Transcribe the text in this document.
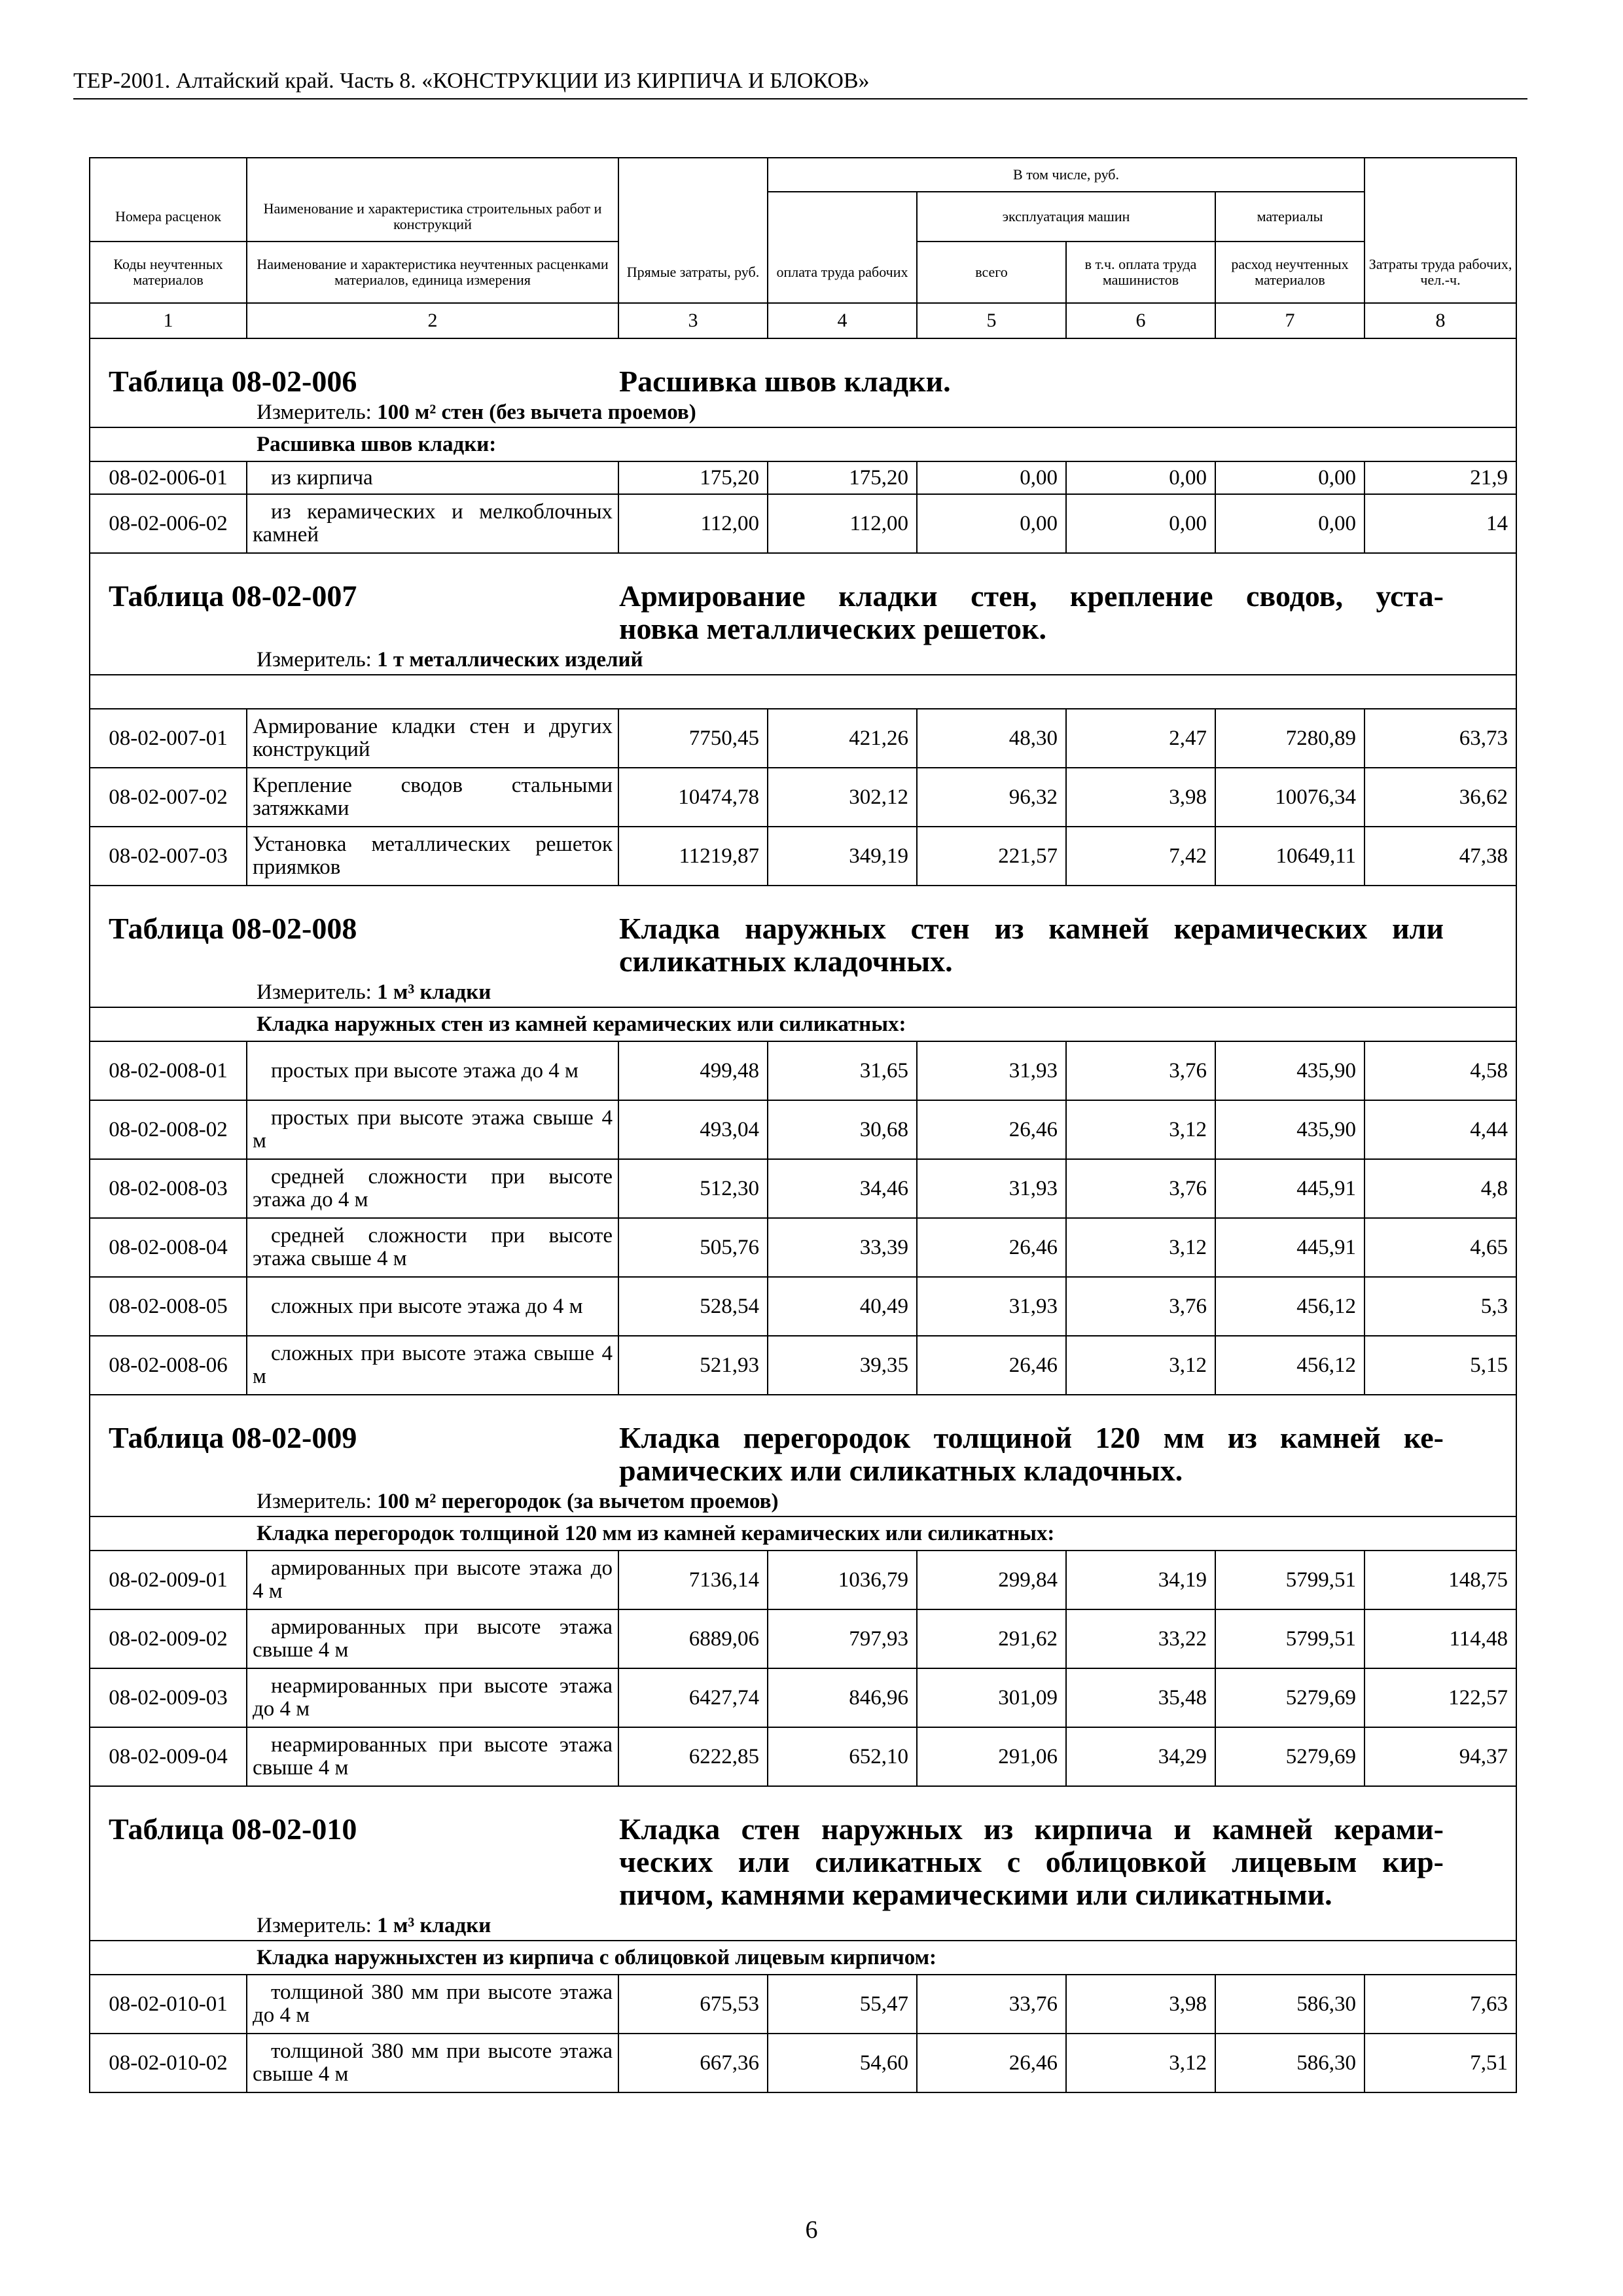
ТЕР-2001. Алтайский край. Часть 8. «КОНСТРУКЦИИ ИЗ КИРПИЧА И БЛОКОВ»
			В том числе, руб.				
Номера расценок	Наименование и характеристика строительных работ и конструкций			эксплуатация машин		материалы	
Коды неучтенных материалов	Наименование и характеристика неучтенных расценками материалов, единица измерения	Прямые затраты, руб.	оплата труда рабочих	всего	в т.ч. оплата труда машинистов	расход неучтенных материалов	Затраты труда рабочих, чел.-ч.
1	2	3	4	5	6	7	8

Таблица 08-02-006 Расшивка швов кладки.
Измеритель: 100 м² стен (без вычета проемов)							

Расшивка швов кладки:							
08-02-006-01	из кирпича	175,20	175,20	0,00	0,00	0,00	21,9
08-02-006-02	из керамических и мелкоблочных камней	112,00	112,00	0,00	0,00	0,00	14

Таблица 08-02-007 Армирование кладки стен, крепление сводов, уста-
новка металлических решеток.
Измеритель: 1 т металлических изделий							

08-02-007-01	Армирование кладки стен и других конструкций	7750,45	421,26	48,30	2,47	7280,89	63,73
08-02-007-02	Крепление сводов стальными затяжками	10474,78	302,12	96,32	3,98	10076,34	36,62
08-02-007-03	Установка металлических решеток приямков	11219,87	349,19	221,57	7,42	10649,11	47,38

Таблица 08-02-008 Кладка наружных стен из камней керамических или
силикатных кладочных.
Измеритель: 1 м³ кладки							

Кладка наружных стен из камней керамических или силикатных:							
08-02-008-01	простых при высоте этажа до 4 м	499,48	31,65	31,93	3,76	435,90	4,58
08-02-008-02	простых при высоте этажа свыше 4 м	493,04	30,68	26,46	3,12	435,90	4,44
08-02-008-03	средней сложности при высоте этажа до 4 м	512,30	34,46	31,93	3,76	445,91	4,8
08-02-008-04	средней сложности при высоте этажа свыше 4 м	505,76	33,39	26,46	3,12	445,91	4,65
08-02-008-05	сложных при высоте этажа до 4 м	528,54	40,49	31,93	3,76	456,12	5,3
08-02-008-06	сложных при высоте этажа свыше 4 м	521,93	39,35	26,46	3,12	456,12	5,15

Таблица 08-02-009 Кладка перегородок толщиной 120 мм из камней ке-
рамических или силикатных кладочных.
Измеритель: 100 м² перегородок (за вычетом проемов)							

Кладка перегородок толщиной 120 мм из камней керамических или силикатных:							
08-02-009-01	армированных при высоте этажа до 4 м	7136,14	1036,79	299,84	34,19	5799,51	148,75
08-02-009-02	армированных при высоте этажа свыше 4 м	6889,06	797,93	291,62	33,22	5799,51	114,48
08-02-009-03	неармированных при высоте этажа до 4 м	6427,74	846,96	301,09	35,48	5279,69	122,57
08-02-009-04	неармированных при высоте этажа свыше 4 м	6222,85	652,10	291,06	34,29	5279,69	94,37

Таблица 08-02-010 Кладка стен наружных из кирпича и камней керами-
ческих или силикатных с облицовкой лицевым кир-
пичом, камнями керамическими или силикатными.
Измеритель: 1 м³ кладки							

Кладка наружныхстен из кирпича с облицовкой лицевым кирпичом:							
08-02-010-01	толщиной 380 мм при высоте этажа до 4 м	675,53	55,47	33,76	3,98	586,30	7,63
08-02-010-02	толщиной 380 мм при высоте этажа свыше 4 м	667,36	54,60	26,46	3,12	586,30	7,51
6
